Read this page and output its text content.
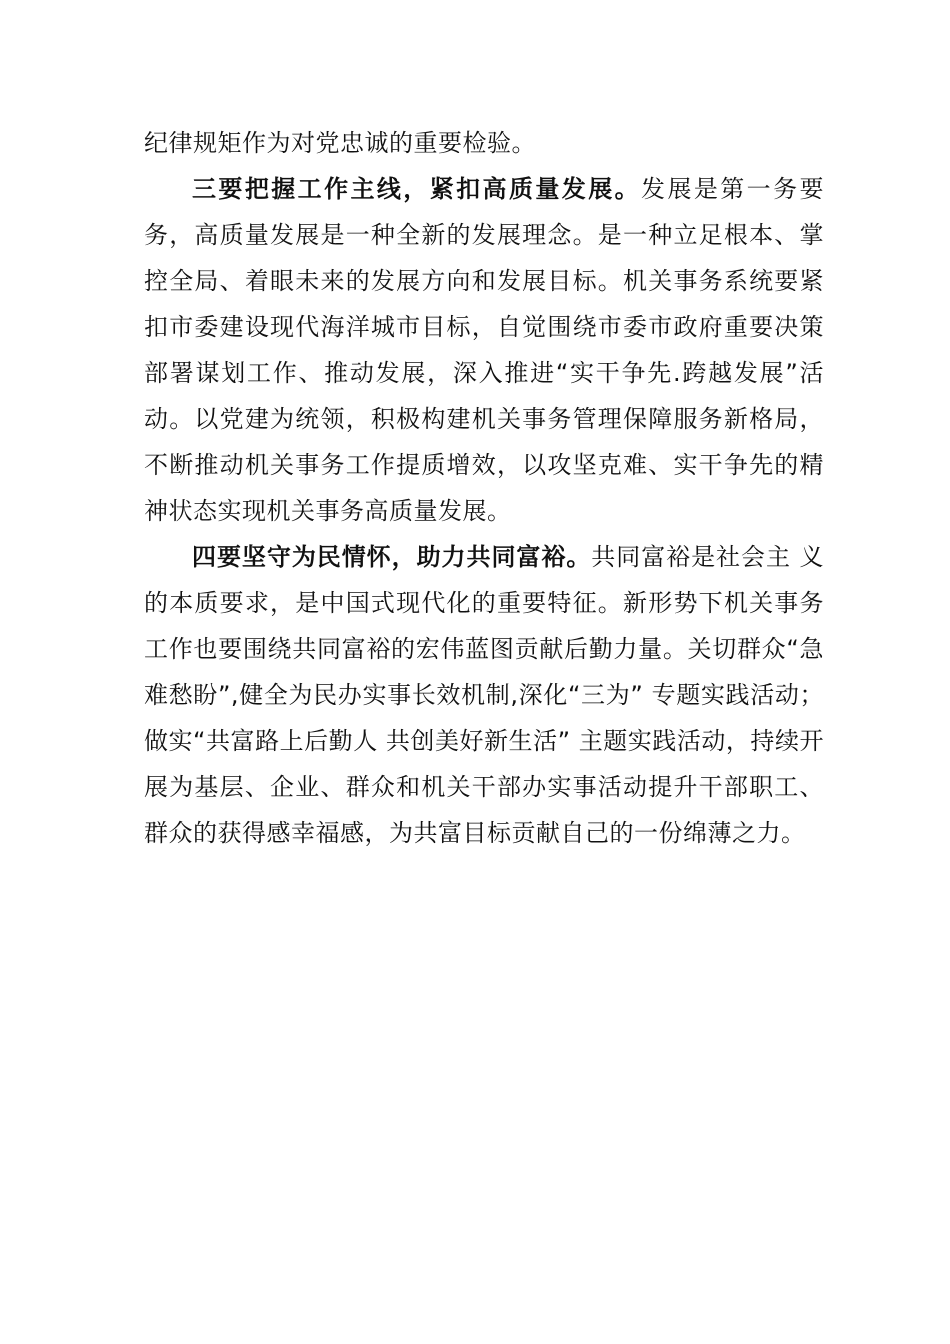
纪律规矩作为对党忠诚的重要检验。

三要把握工作主线，紧扣高质量发展。发展是第一务要务，高质量发展是一种全新的发展理念。是一种立足根本、掌控全局、着眼未来的发展方向和发展目标。机关事务系统要紧扣市委建设现代海洋城市目标，自觉围绕市委市政府重要决策部署谋划工作、推动发展，深入推进“实干争先.跨越发展”活动。以党建为统领，积极构建机关事务管理保障服务新格局，不断推动机关事务工作提质增效，以攻坚克难、实干争先的精神状态实现机关事务高质量发展。

四要坚守为民情怀，助力共同富裕。共同富裕是社会主 义的本质要求，是中国式现代化的重要特征。新形势下机关事务工作也要围绕共同富裕的宏伟蓝图贡献后勤力量。关切群众“急难愁盼”,健全为民办实事长效机制,深化“三为” 专题实践活动；做实“共富路上后勤人 共创美好新生活” 主题实践活动，持续开展为基层、企业、群众和机关干部办实事活动提升干部职工、群众的获得感幸福感，为共富目标贡献自己的一份绵薄之力。
